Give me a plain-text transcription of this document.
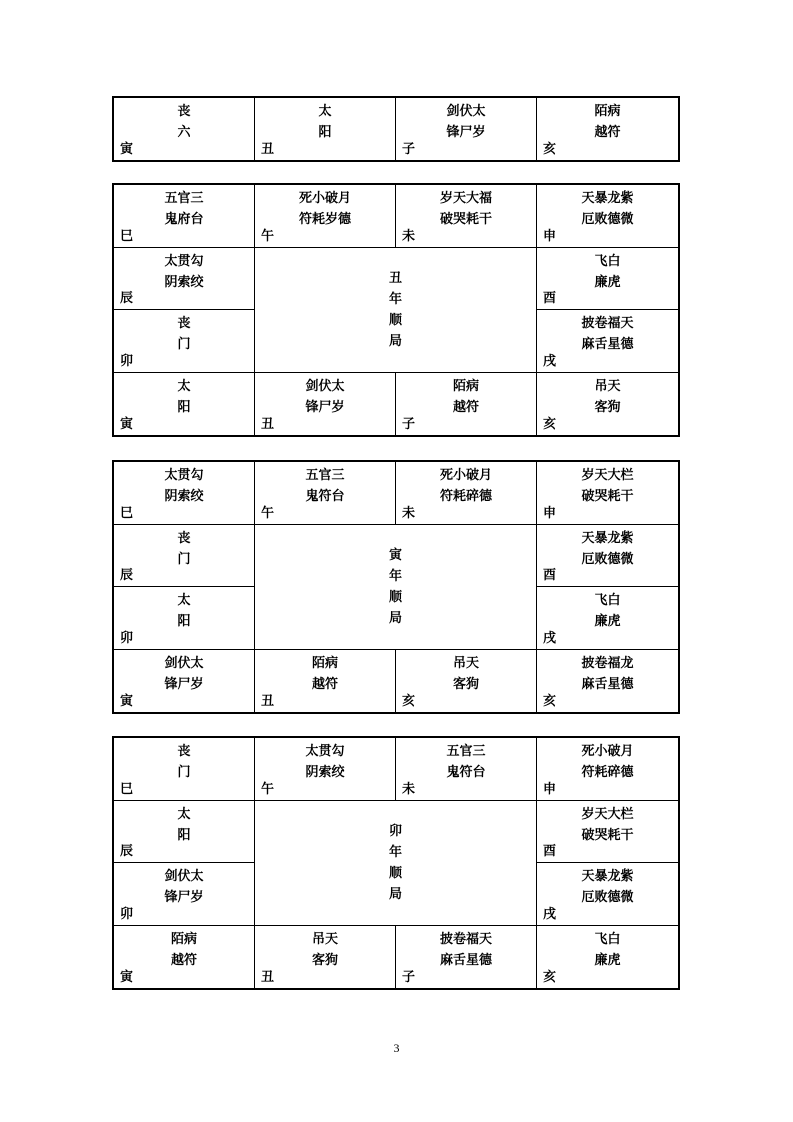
丧
六
寅
太
阳
丑
剑伏太
锋尸岁
子
陌病
越符
亥
五官三
鬼府台
巳
死小破月
符耗岁德
午
岁天大福
破哭耗干
未
天暴龙紫
厄败德微
申
太贯勾
阴索绞
辰
飞白
廉虎
酉
丧
门
卯
披卷福天
麻舌星德
戌
太
阳
寅
剑伏太
锋尸岁
丑
陌病
越符
子
吊天
客狗
亥
丑
年
顺
局
太贯勾
阴索绞
巳
五官三
鬼符台
午
死小破月
符耗碎德
未
岁天大栏
破哭耗干
申
丧
门
辰
天暴龙紫
厄败德微
酉
太
阳
卯
飞白
廉虎
戌
剑伏太
锋尸岁
寅
陌病
越符
丑
吊天
客狗
亥
披卷福龙
麻舌星德
亥
寅
年
顺
局
丧
门
巳
太贯勾
阴索绞
午
五官三
鬼符台
未
死小破月
符耗碎德
申
太
阳
辰
岁天大栏
破哭耗干
酉
剑伏太
锋尸岁
卯
天暴龙紫
厄败德微
戌
陌病
越符
寅
吊天
客狗
丑
披卷福天
麻舌星德
子
飞白
廉虎
亥
卯
年
顺
局
3
